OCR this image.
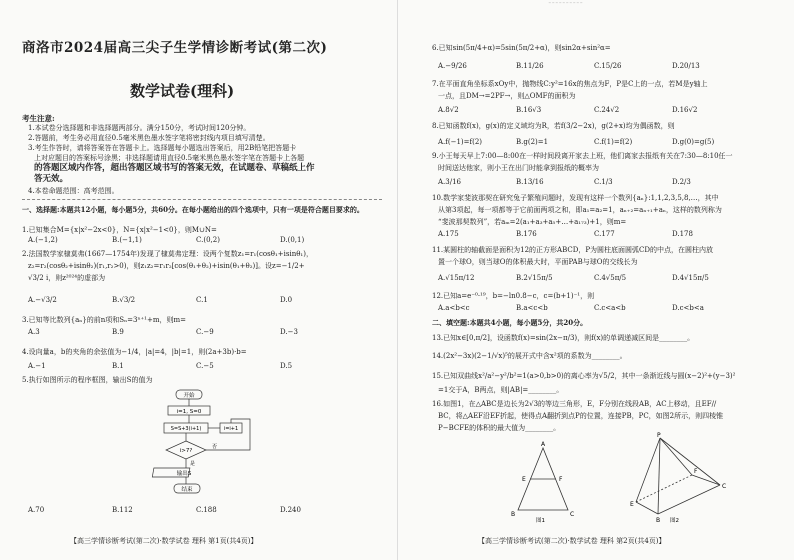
商洛市2024届高三尖子生学情诊断考试(第二次)
数学试卷(理科)
考生注意:
1.本试卷分选择题和非选择题两部分。满分150分，考试时间120分钟。
2.答题前，考生务必用直径0.5毫米黑色墨水签字笔将密封线内项目填写清楚。
3.考生作答时，请将答案答在答题卡上。选择题每小题选出答案后，用2B铅笔把答题卡
上对应题目的答案标号涂黑；非选择题请用直径0.5毫米黑色墨水签字笔在答题卡上各题
的答题区域内作答，超出答题区域书写的答案无效，在试题卷、草稿纸上作
答无效。
4.本卷命题范围：高考范围。
一、选择题:本题共12小题，每小题5分，共60分。在每小题给出的四个选项中，只有一项是符合题目要求的。
1.已知集合M={x|x²−2x<0}，N={x|x²−1<0}，则M∪N=
A.(−1,2)	B.(−1,1)	C.(0,2)	D.(0,1)
2.法国数学家棣莫弗(1667—1754年)发现了棣莫弗定理：设两个复数z₁=r₁(cosθ₁+isinθ₁)，
z₂=r₂(cosθ₂+isinθ₂)(r₁,r₂>0)，则z₁z₂=r₁r₂[cos(θ₁+θ₂)+isin(θ₁+θ₂)]。设z=−1/2+
√3/2 i，则z²⁰²⁴的虚部为
A.−√3/2	B.√3/2	C.1	D.0
3.已知等比数列{aₙ}的前n项和Sₙ=3ⁿ⁺¹+m，则m=
A.3	B.9	C.−9	D.−3
4.设向量a，b的夹角的余弦值为−1/4，|a|=4，|b|=1，则(2a+3b)·b=
A.−1	B.1	C.−5	D.5
5.执行如图所示的程序框图，输出S的值为
开始
i=1, S=0
S=S+3(i+1)	i=i+1
i>7?
否
是
输出S
结束
A.70	B.112	C.188	D.240
【高三学情诊断考试(第二次)·数学试卷 理科 第1页(共4页)】
ˉˉˉˉˉˉˉˉˉˉ
6.已知sin(5π/4+α)=5sin(5π/2+α)，则sin2α+sin²α=
A.−9/26	B.11/26	C.15/26	D.20/13
7.在平面直角坐标系xOy中，抛物线C:y²=16x的焦点为F，P是C上的一点，若M是y轴上
一点，且DM→=2PF→，则△OMF的面积为
A.8√2	B.16√3	C.24√2	D.16√2
8.已知函数f(x)，g(x)的定义域均为R，若f(3/2−2x)，g(2+x)均为偶函数，则
A.f(−1)=f(2)	B.g(2)=1	C.f(1)=f(2)	D.g(0)=g(5)
9.小王每天早上7:00—8:00在一样时间段离开家去上班，他们离家去报纸有关在7:30—8:10任一
时间送达他家，则小王在出门时能拿到报纸的概率为
A.3/16	B.13/16	C.1/3	D.2/3
10.数学家斐波那契在研究兔子繁殖问题时，发现有这样一个数列{aₙ}:1,1,2,3,5,8,…，其中
从第3项起，每一项都等于它前面两项之和，即a₁=a₂=1，aₙ₊₂=aₙ₊₁+aₙ，这样的数列称为
“斐波那契数列”，若aₘ=2(a₁+a₃+a₅+…+a₁₇₃)+1，则m=
A.175	B.176	C.177	D.178
11.某圆柱的轴截面是面积为12的正方形ABCD，P为圆柱底面圆弧CD的中点，在圆柱内放
置一个球O，则当球O的体积最大时，平面PAB与球O的交线长为
A.√15π/12	B.2√15π/5	C.4√5π/5	D.4√15π/5
12.已知a=e⁻⁰·¹⁹，b=−ln0.8−c，c=(b+1)⁻¹，则
A.a<b<c	B.a<c<b	C.c<a<b	D.c<b<a
二、填空题:本题共4小题，每小题5分，共20分。
13.已知x∈[0,π/2]，设函数f(x)=sin(2x−π/3)，则f(x)的单调递减区间是________。
14.(2x²−3x)(2−1/√x)⁵的展开式中含x²项的系数为________。
15.已知双曲线x²/a²−y²/b²=1(a>0,b>0)的离心率为√5/2，其中一条渐近线与圆(x−2)²+(y−3)²
=1交于A，B两点，则|AB|=________。
16.如图1，在△ABC是边长为2√3的等边三角形，E，F分别在线段AB，AC上移动，且EF//
BC，将△AEF沿EF折起，使得点A翻折到点P的位置，连接PB，PC，如图2所示，则四棱锥
P−BCFE的体积的最大值为________。
A
E	F
B	C
图1
P
E
B
C
F
图2
【高三学情诊断考试(第二次)·数学试卷 理科 第2页(共4页)】
